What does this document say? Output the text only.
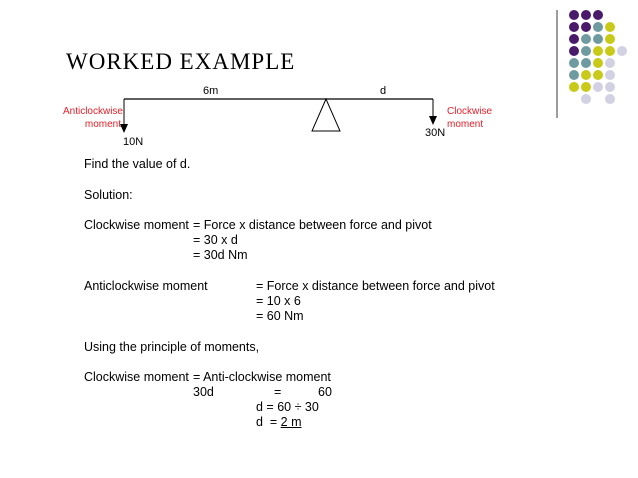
WORKED EXAMPLE
6m	d
Anticlockwise
moment
Clockwise
moment
10N
30N
Find the value of d.
Solution:
Clockwise moment = Force x distance between force and pivot
= 30 x d
= 30d Nm
Anticlockwise moment	= Force x distance between force and pivot
= 10 x 6
= 60 Nm
Using the principle of moments,
Clockwise moment = Anti-clockwise moment
30d	=	60
d = 60 ÷ 30
d  = 2 m
